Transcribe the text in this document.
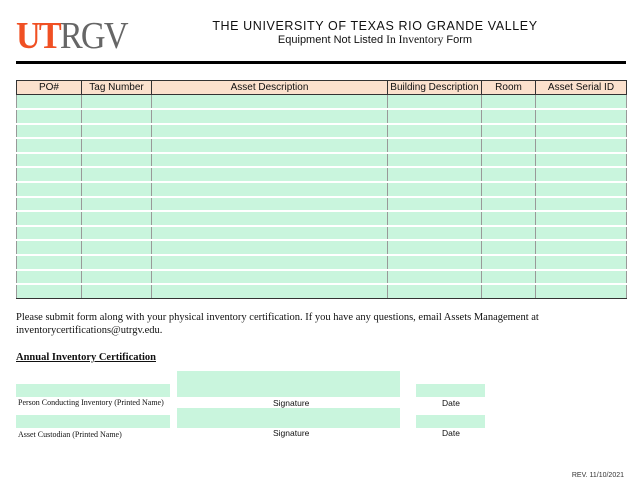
UTRGV	THE UNIVERSITY OF TEXAS RIO GRANDE VALLEY
Equipment Not Listed In Inventory Form
PO#	Tag Number	Asset Description	Building Description	Room	Asset Serial ID

Please submit form along with your physical inventory certification. If you have any questions, email Assets Management at inventorycertifications@utrgv.edu.
Annual Inventory Certification
Person Conducting Inventory (Printed Name)	Signature	Date
Asset Custodian (Printed Name)	Signature	Date
REV. 11/10/2021
